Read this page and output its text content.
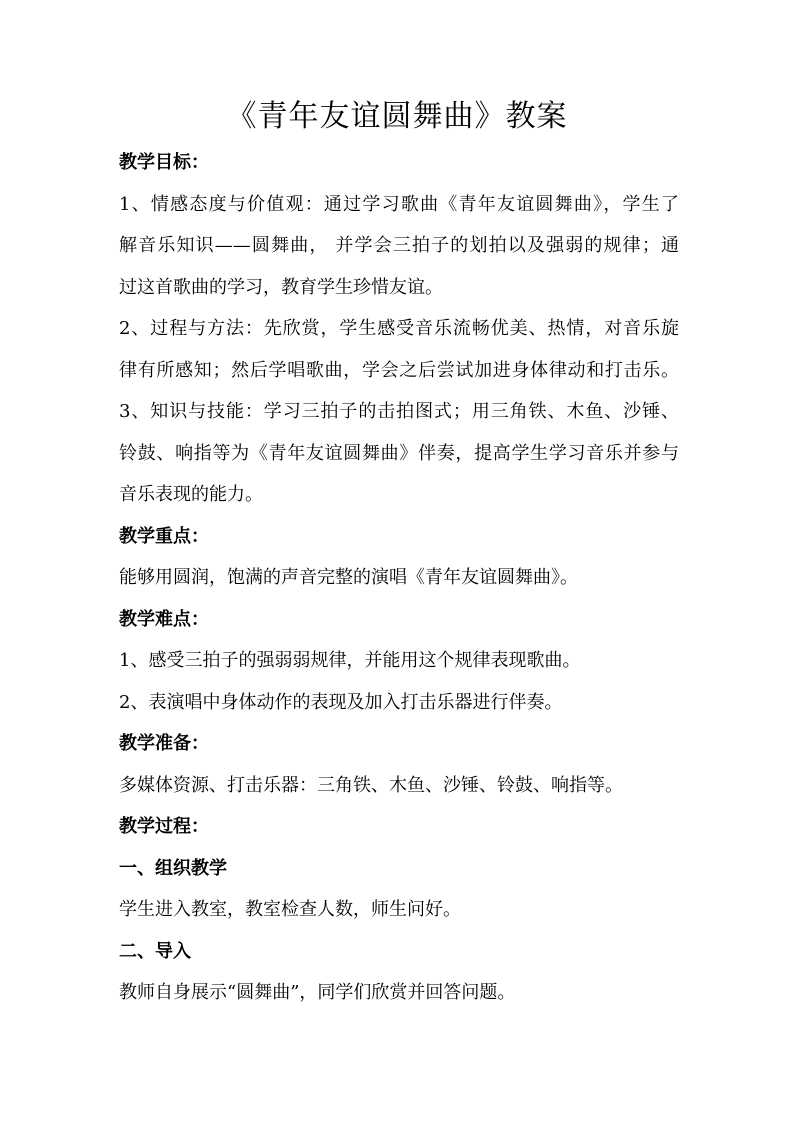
《青年友谊圆舞曲》教案

教学目标：

1、情感态度与价值观：通过学习歌曲《青年友谊圆舞曲》，学生了

解音乐知识——圆舞曲， 并学会三拍子的划拍以及强弱的规律；通

过这首歌曲的学习，教育学生珍惜友谊。

2、过程与方法：先欣赏，学生感受音乐流畅优美、热情，对音乐旋

律有所感知；然后学唱歌曲，学会之后尝试加进身体律动和打击乐。

3、知识与技能：学习三拍子的击拍图式；用三角铁、木鱼、沙锤、

铃鼓、响指等为《青年友谊圆舞曲》伴奏，提高学生学习音乐并参与

音乐表现的能力。

教学重点：

能够用圆润，饱满的声音完整的演唱《青年友谊圆舞曲》。

教学难点：

1、感受三拍子的强弱弱规律，并能用这个规律表现歌曲。

2、表演唱中身体动作的表现及加入打击乐器进行伴奏。

教学准备：

多媒体资源、打击乐器：三角铁、木鱼、沙锤、铃鼓、响指等。

教学过程：

一、组织教学

学生进入教室，教室检查人数，师生问好。

二、导入

教师自身展示“圆舞曲”，同学们欣赏并回答问题。
